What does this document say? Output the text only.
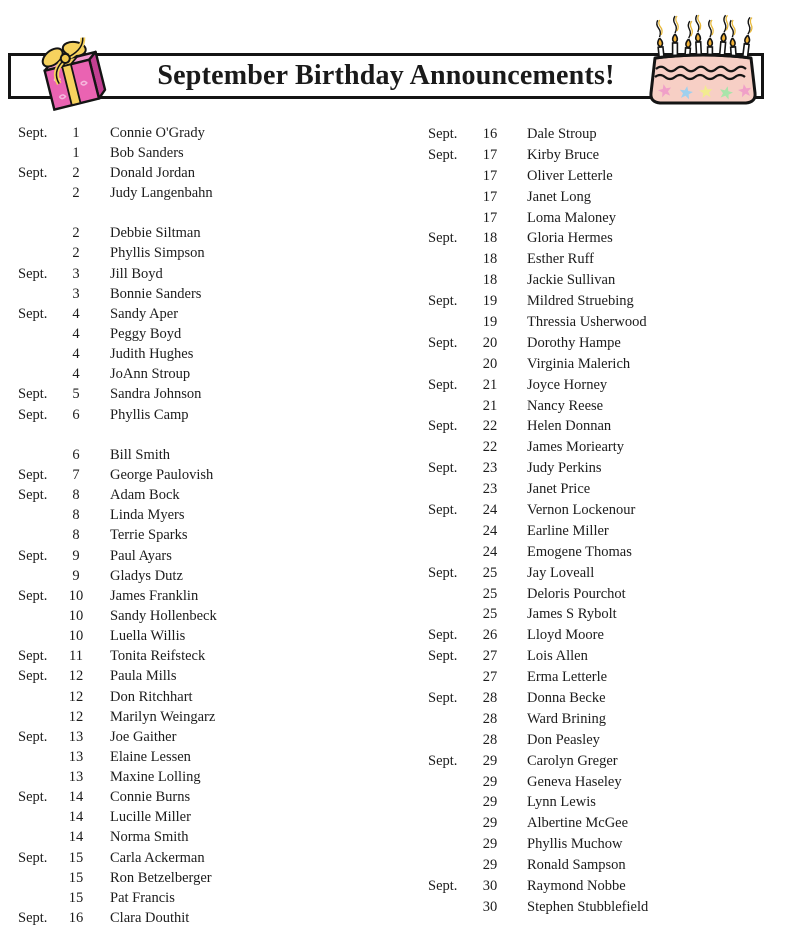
September Birthday Announcements!
Sept.	1	Connie O'Grady
1	Bob Sanders
Sept.	2	Donald Jordan
2	Judy Langenbahn
2	Debbie Siltman
2	Phyllis Simpson
Sept.	3	Jill Boyd
3	Bonnie Sanders
Sept.	4	Sandy Aper
4	Peggy Boyd
4	Judith Hughes
4	JoAnn Stroup
Sept.	5	Sandra Johnson
Sept.	6	Phyllis Camp
6	Bill Smith
Sept.	7	George Paulovish
Sept.	8	Adam Bock
8	Linda Myers
8	Terrie Sparks
Sept.	9	Paul Ayars
9	Gladys Dutz
Sept.	10	James Franklin
10	Sandy Hollenbeck
10	Luella Willis
Sept.	11	Tonita Reifsteck
Sept.	12	Paula Mills
12	Don Ritchhart
12	Marilyn Weingarz
Sept.	13	Joe Gaither
13	Elaine Lessen
13	Maxine Lolling
Sept.	14	Connie Burns
14	Lucille Miller
14	Norma Smith
Sept.	15	Carla Ackerman
15	Ron Betzelberger
15	Pat Francis
Sept.	16	Clara Douthit
Sept.	16	Dale Stroup
Sept.	17	Kirby Bruce
17	Oliver Letterle
17	Janet Long
17	Loma Maloney
Sept.	18	Gloria Hermes
18	Esther Ruff
18	Jackie Sullivan
Sept.	19	Mildred Struebing
19	Thressia Usherwood
Sept.	20	Dorothy Hampe
20	Virginia Malerich
Sept.	21	Joyce Horney
21	Nancy Reese
Sept.	22	Helen Donnan
22	James Moriearty
Sept.	23	Judy Perkins
23	Janet Price
Sept.	24	Vernon Lockenour
24	Earline Miller
24	Emogene Thomas
Sept.	25	Jay Loveall
25	Deloris Pourchot
25	James S Rybolt
Sept.	26	Lloyd Moore
Sept.	27	Lois Allen
27	Erma Letterle
Sept.	28	Donna Becke
28	Ward Brining
28	Don Peasley
Sept.	29	Carolyn Greger
29	Geneva Haseley
29	Lynn Lewis
29	Albertine McGee
29	Phyllis Muchow
29	Ronald Sampson
Sept.	30	Raymond Nobbe
30	Stephen Stubblefield
